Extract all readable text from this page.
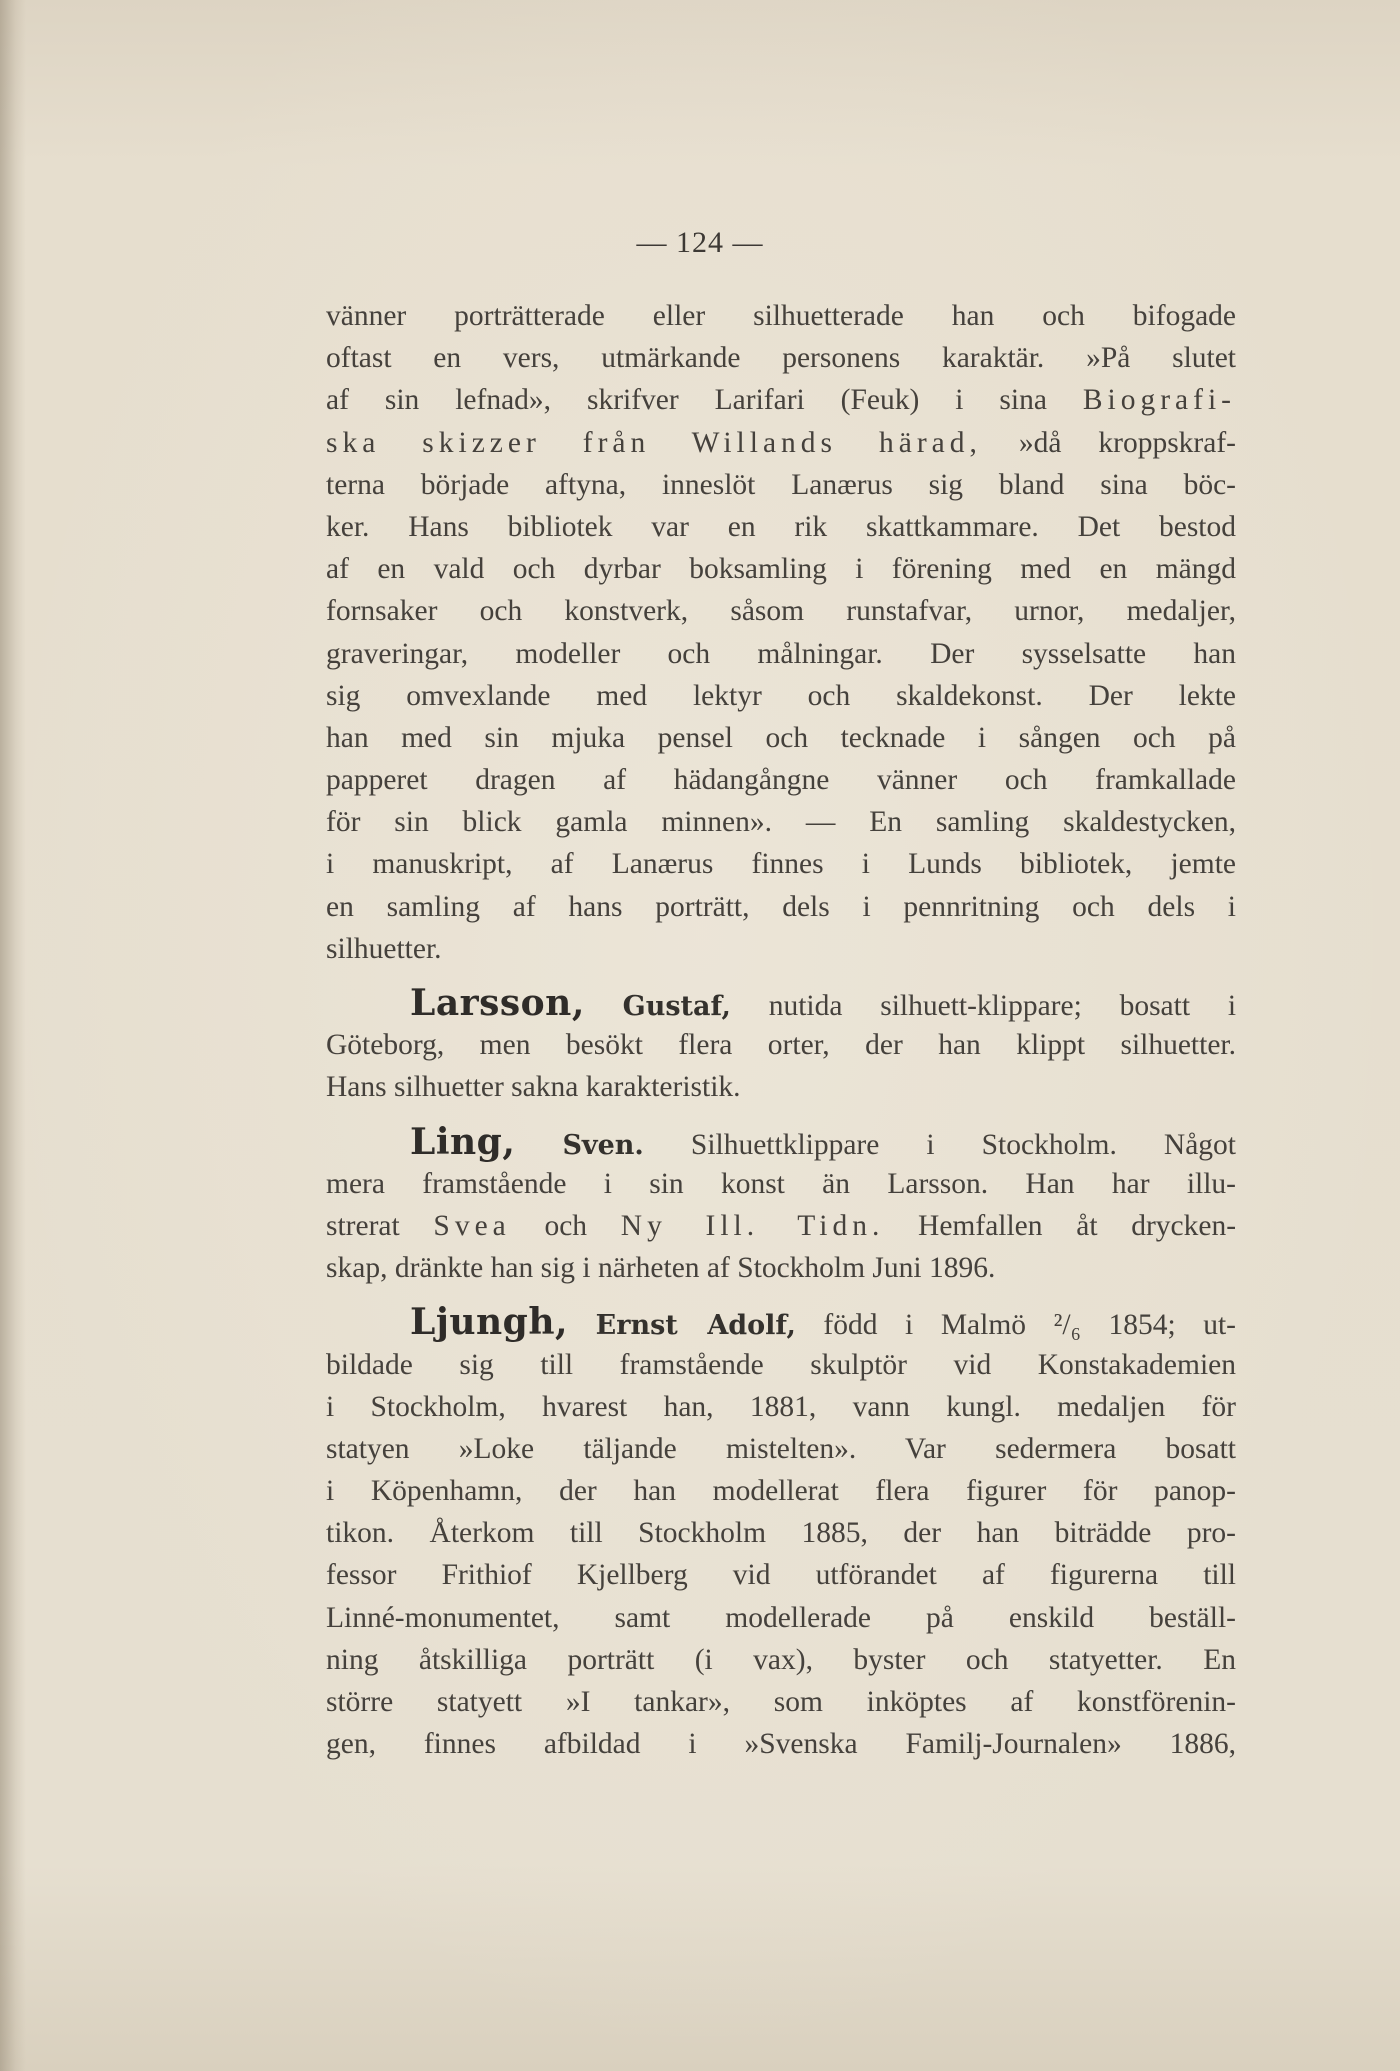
— 124 —
vänner porträtterade eller silhuetterade han och bifogade
oftast en vers, utmärkande personens karaktär. »På slutet
af sin lefnad», skrifver Larifari (Feuk) i sina Biografi-
ska skizzer från Willands härad, »då kroppskraf-
terna började aftyna, inneslöt Lanærus sig bland sina böc-
ker. Hans bibliotek var en rik skattkammare. Det bestod
af en vald och dyrbar boksamling i förening med en mängd
fornsaker och konstverk, såsom runstafvar, urnor, medaljer,
graveringar, modeller och målningar. Der sysselsatte han
sig omvexlande med lektyr och skaldekonst. Der lekte
han med sin mjuka pensel och tecknade i sången och på
papperet dragen af hädangångne vänner och framkallade
för sin blick gamla minnen». — En samling skaldestycken,
i manuskript, af Lanærus finnes i Lunds bibliotek, jemte
en samling af hans porträtt, dels i pennritning och dels i
silhuetter.
Larsson, Gustaf, nutida silhuett-klippare; bosatt i
Göteborg, men besökt flera orter, der han klippt silhuetter.
Hans silhuetter sakna karakteristik.
Ling, Sven. Silhuettklippare i Stockholm. Något
mera framstående i sin konst än Larsson. Han har illu-
strerat Svea och Ny Ill. Tidn. Hemfallen åt drycken-
skap, dränkte han sig i närheten af Stockholm Juni 1896.
Ljungh, Ernst Adolf, född i Malmö ²/₆ 1854; ut-
bildade sig till framstående skulptör vid Konstakademien
i Stockholm, hvarest han, 1881, vann kungl. medaljen för
statyen »Loke täljande mistelten». Var sedermera bosatt
i Köpenhamn, der han modellerat flera figurer för panop-
tikon. Återkom till Stockholm 1885, der han biträdde pro-
fessor Frithiof Kjellberg vid utförandet af figurerna till
Linné-monumentet, samt modellerade på enskild beställ-
ning åtskilliga porträtt (i vax), byster och statyetter. En
större statyett »I tankar», som inköptes af konstförenin-
gen, finnes afbildad i »Svenska Familj-Journalen» 1886,
